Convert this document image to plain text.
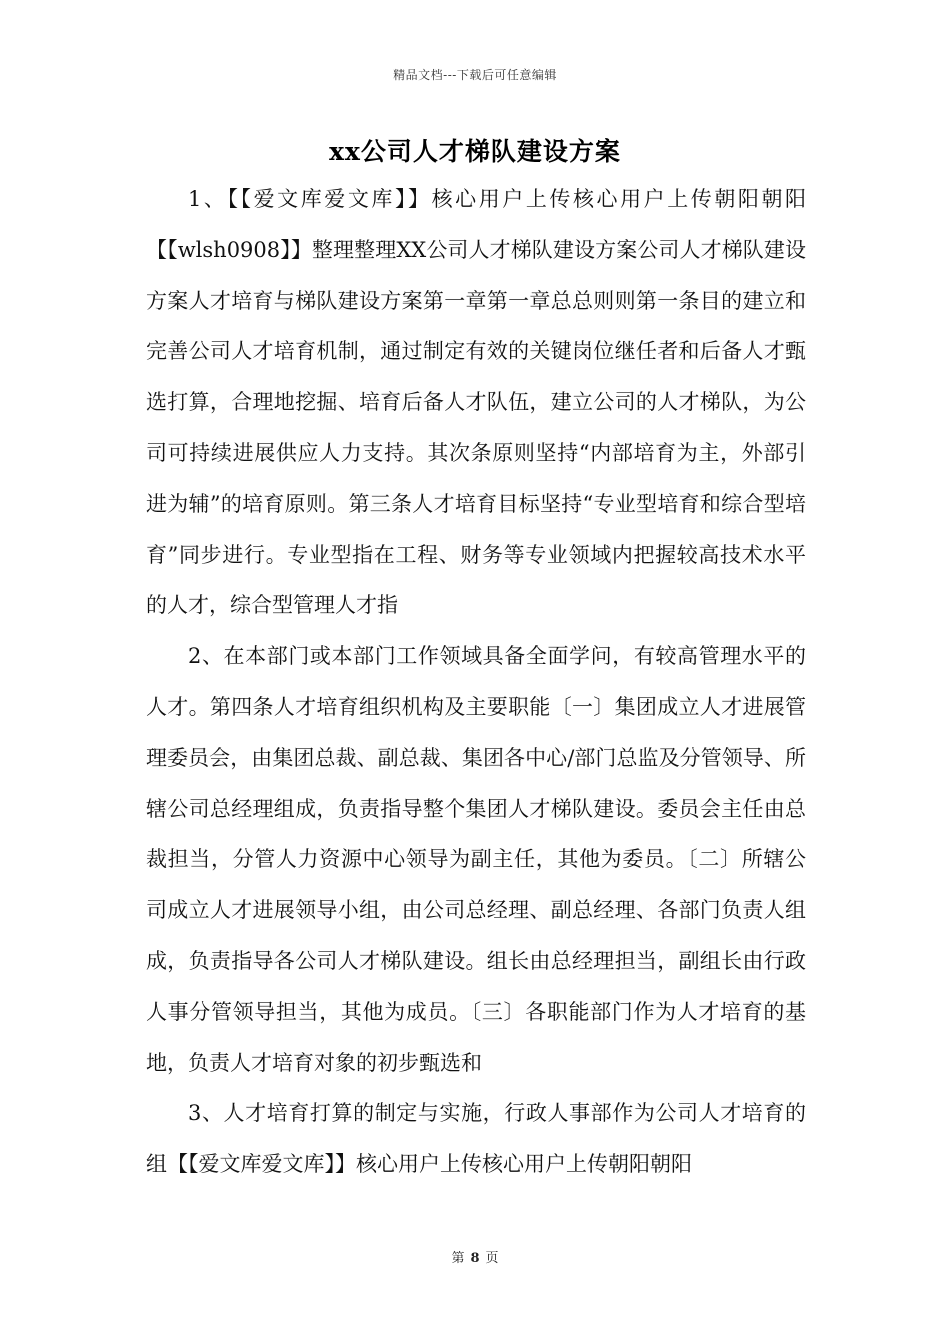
精品文档---下载后可任意编辑
xx公司人才梯队建设方案

1、【【爱文库爱文库】】核心用户上传核心用户上传朝阳朝阳【【wlsh0908】】整理整理XX公司人才梯队建设方案公司人才梯队建设方案人才培育与梯队建设方案第一章第一章总总则则第一条目的建立和完善公司人才培育机制，通过制定有效的关键岗位继任者和后备人才甄选打算，合理地挖掘、培育后备人才队伍，建立公司的人才梯队，为公司可持续进展供应人力支持。其次条原则坚持“内部培育为主，外部引进为辅”的培育原则。第三条人才培育目标坚持“专业型培育和综合型培育”同步进行。专业型指在工程、财务等专业领域内把握较高技术水平的人才，综合型管理人才指

2、在本部门或本部门工作领域具备全面学问，有较高管理水平的人才。第四条人才培育组织机构及主要职能〔一〕集团成立人才进展管理委员会，由集团总裁、副总裁、集团各中心/部门总监及分管领导、所辖公司总经理组成，负责指导整个集团人才梯队建设。委员会主任由总裁担当，分管人力资源中心领导为副主任，其他为委员。〔二〕所辖公司成立人才进展领导小组，由公司总经理、副总经理、各部门负责人组成，负责指导各公司人才梯队建设。组长由总经理担当，副组长由行政人事分管领导担当，其他为成员。〔三〕各职能部门作为人才培育的基地，负责人才培育对象的初步甄选和

3、人才培育打算的制定与实施，行政人事部作为公司人才培育的组【【爱文库爱文库】】核心用户上传核心用户上传朝阳朝阳

第 8 页
